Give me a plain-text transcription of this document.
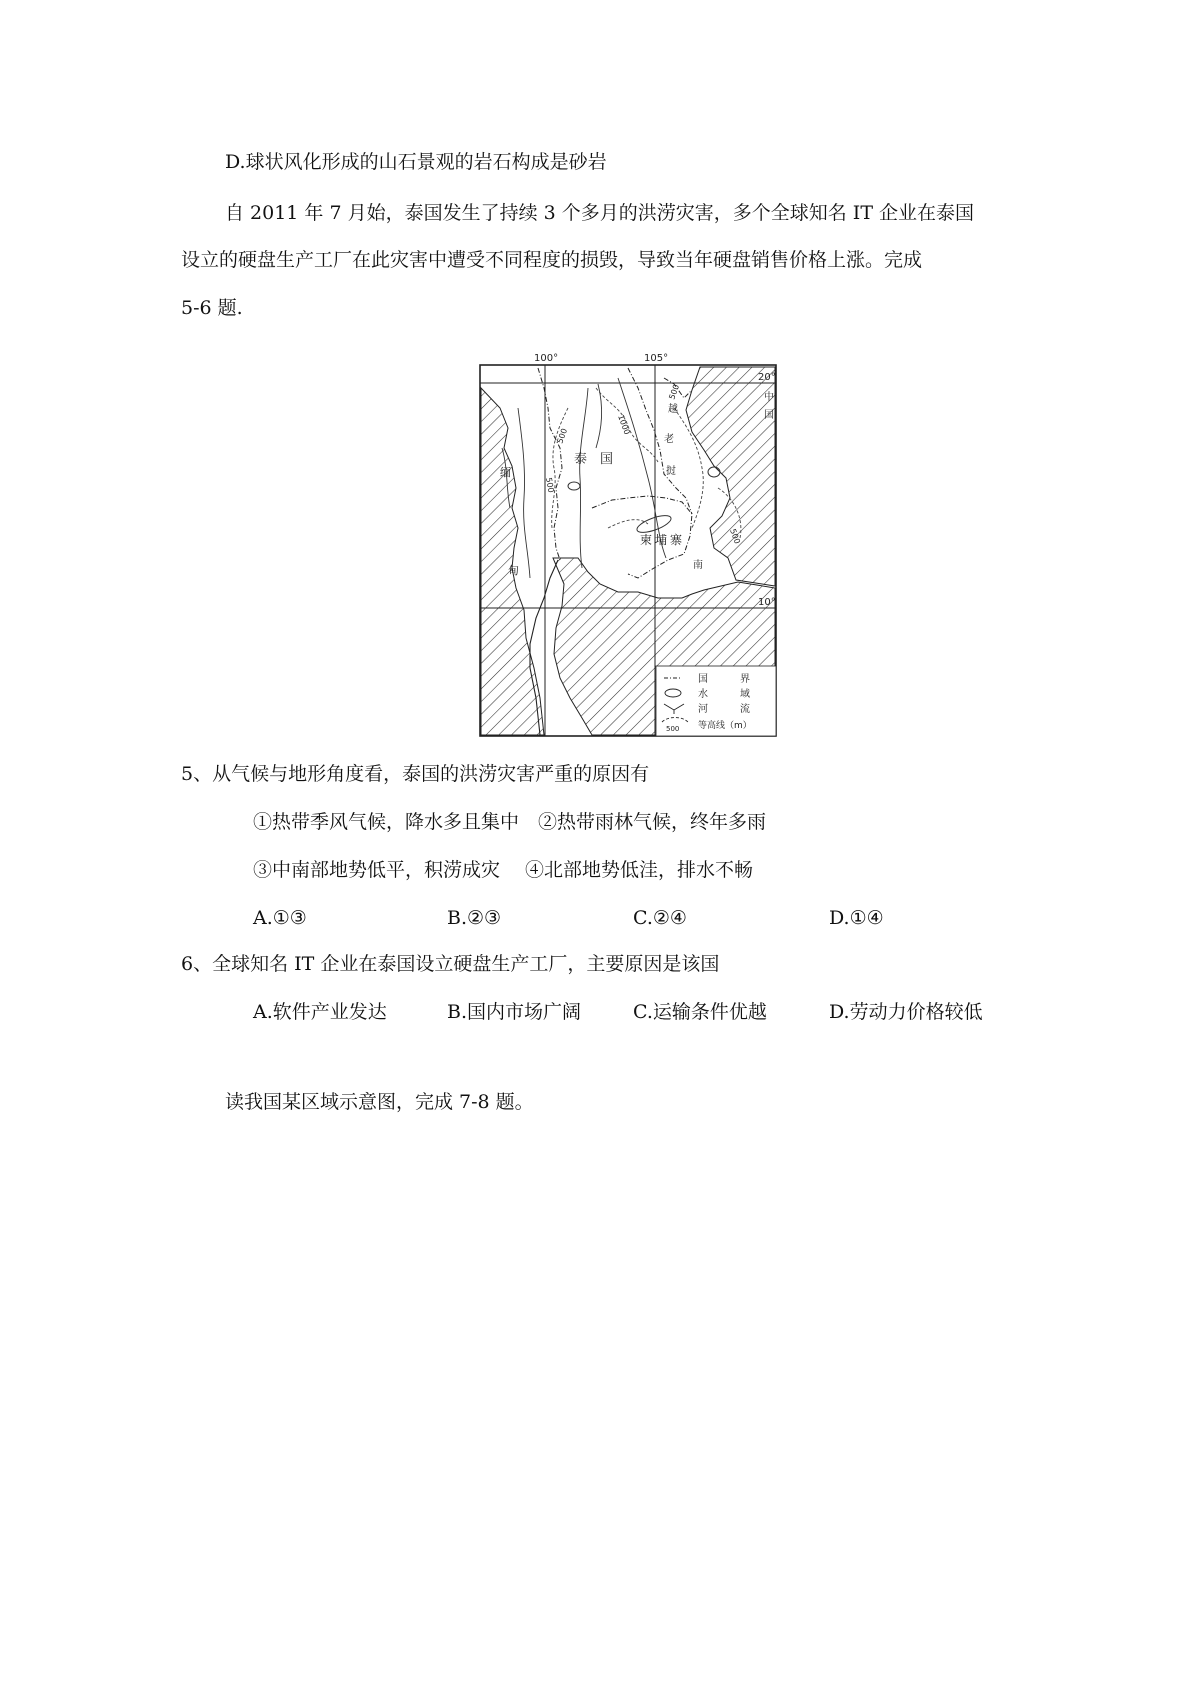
D.球状风化形成的山石景观的岩石构成是砂岩
自 2011 年 7 月始，泰国发生了持续 3 个多月的洪涝灾害，多个全球知名 IT 企业在泰国
设立的硬盘生产工厂在此灾害中遭受不同程度的损毁，导致当年硬盘销售价格上涨。完成
5-6 题.
100°	105°
20°
10°
500
1000
500
500
500
泰 国
柬 埔 寨
缅
甸
老
挝
越
南
中
国
国	界
水	域
河	流
500 等高线（m）
5、从气候与地形角度看，泰国的洪涝灾害严重的原因有
①热带季风气候，降水多且集中　②热带雨林气候，终年多雨
③中南部地势低平，积涝成灾　 ④北部地势低洼，排水不畅
A.①③	B.②③	C.②④	D.①④
6、全球知名 IT 企业在泰国设立硬盘生产工厂，主要原因是该国
A.软件产业发达	B.国内市场广阔	C.运输条件优越	D.劳动力价格较低
读我国某区域示意图，完成 7-8 题。
